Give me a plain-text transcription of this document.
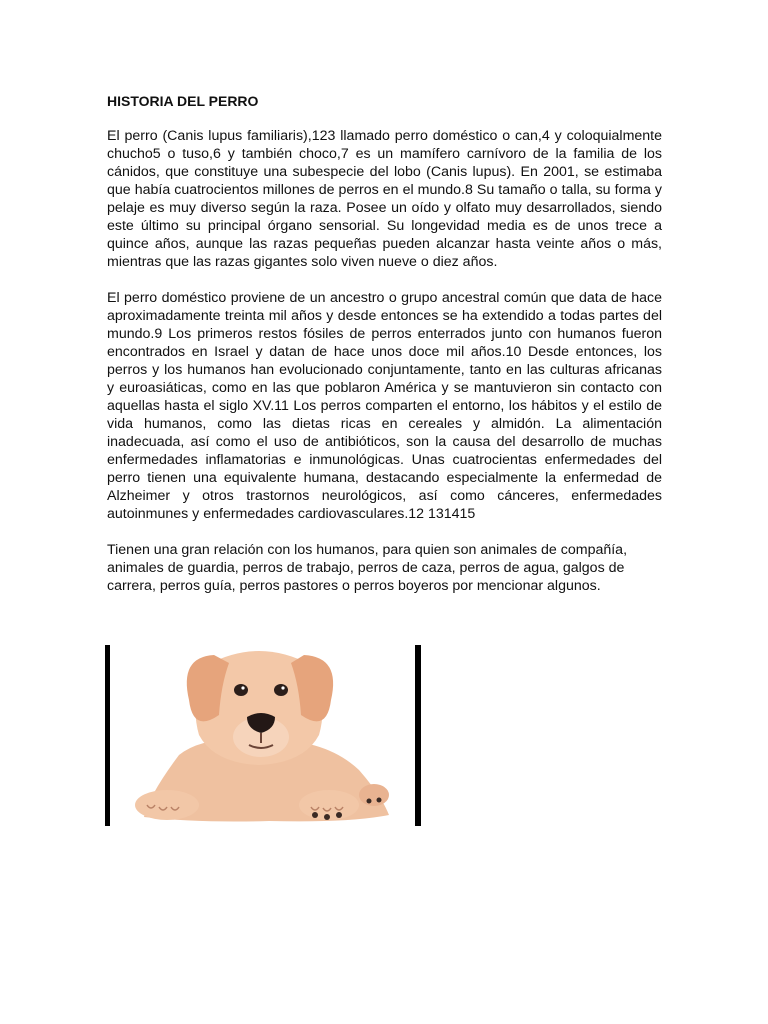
HISTORIA DEL PERRO

El perro (Canis lupus familiaris),123 llamado perro doméstico o can,4 y coloquialmente chucho5 o tuso,6 y también choco,7 es un mamífero carnívoro de la familia de los cánidos, que constituye una subespecie del lobo (Canis lupus). En 2001, se estimaba que había cuatrocientos millones de perros en el mundo.8 Su tamaño o talla, su forma y pelaje es muy diverso según la raza. Posee un oído y olfato muy desarrollados, siendo este último su principal órgano sensorial. Su longevidad media es de unos trece a quince años, aunque las razas pequeñas pueden alcanzar hasta veinte años o más, mientras que las razas gigantes solo viven nueve o diez años.

El perro doméstico proviene de un ancestro o grupo ancestral común que data de hace aproximadamente treinta mil años y desde entonces se ha extendido a todas partes del mundo.9 Los primeros restos fósiles de perros enterrados junto con humanos fueron encontrados en Israel y datan de hace unos doce mil años.10 Desde entonces, los perros y los humanos han evolucionado conjuntamente, tanto en las culturas africanas y euroasiáticas, como en las que poblaron América y se mantuvieron sin contacto con aquellas hasta el siglo XV.11 Los perros comparten el entorno, los hábitos y el estilo de vida humanos, como las dietas ricas en cereales y almidón. La alimentación inadecuada, así como el uso de antibióticos, son la causa del desarrollo de muchas enfermedades inflamatorias e inmunológicas. Unas cuatrocientas enfermedades del perro tienen una equivalente humana, destacando especialmente la enfermedad de Alzheimer y otros trastornos neurológicos, así como cánceres, enfermedades autoinmunes y enfermedades cardiovasculares.12 131415

Tienen una gran relación con los humanos, para quien son animales de compañía, animales de guardia, perros de trabajo, perros de caza, perros de agua, galgos de carrera, perros guía, perros pastores o perros boyeros por mencionar algunos.
